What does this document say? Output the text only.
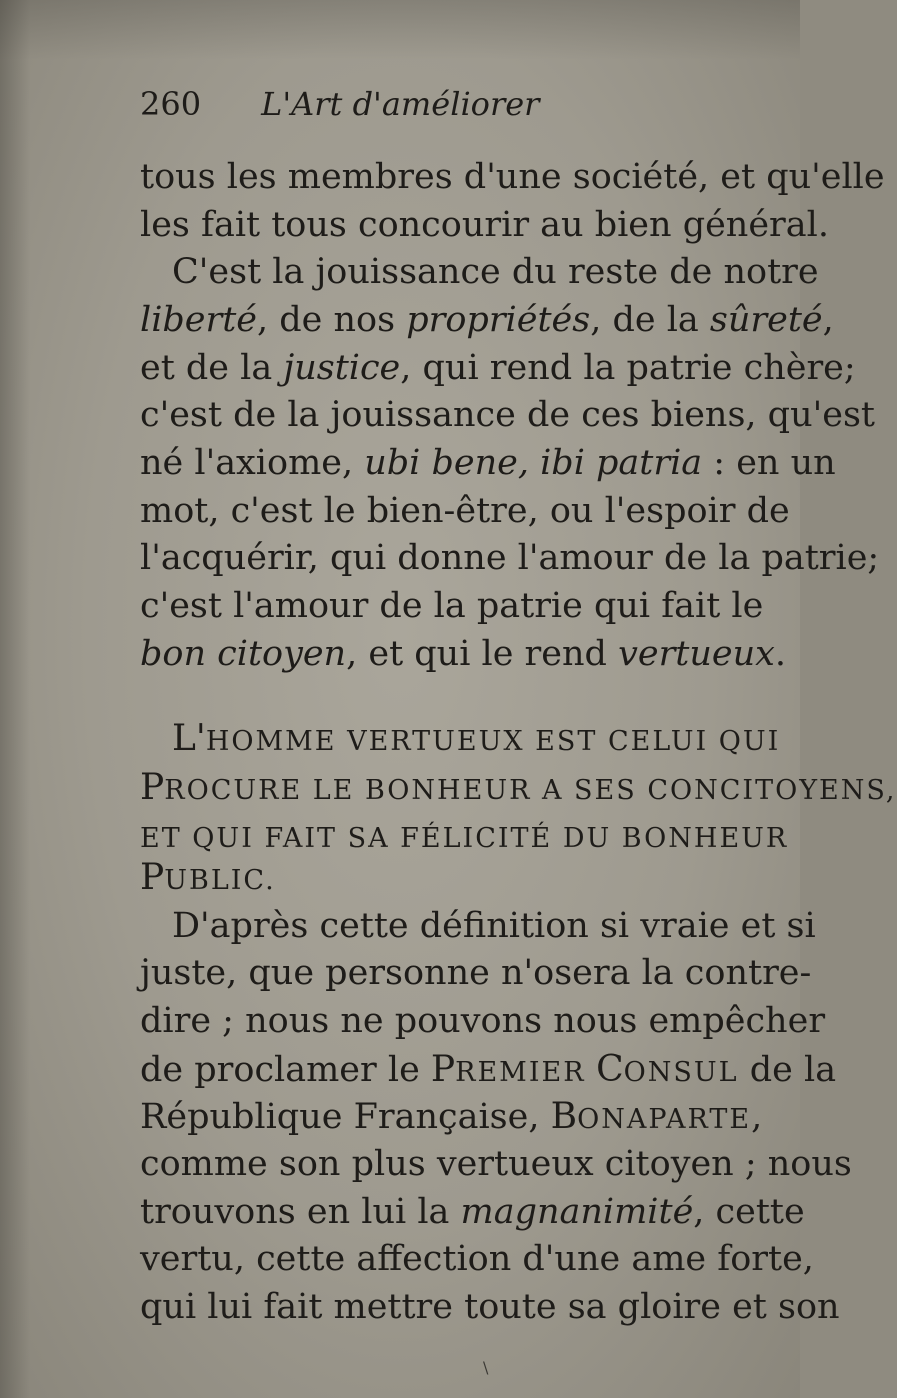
260 L'Art d'améliorer
tous les membres d'une société, et qu'elle
les fait tous concourir au bien général.
C'est la jouissance du reste de notre
liberté, de nos propriétés, de la sûreté,
et de la justice, qui rend la patrie chère;
c'est de la jouissance de ces biens, qu'est
né l'axiome, ubi bene, ibi patria : en un
mot, c'est le bien-être, ou l'espoir de
l'acquérir, qui donne l'amour de la patrie;
c'est l'amour de la patrie qui fait le
bon citoyen, et qui le rend vertueux.
L'HOMME VERTUEUX EST CELUI QUI
PROCURE LE BONHEUR A SES CONCITOYENS,
ET QUI FAIT SA FÉLICITÉ DU BONHEUR
PUBLIC.
D'après cette définition si vraie et si
juste, que personne n'osera la contre-
dire ; nous ne pouvons nous empêcher
de proclamer le PREMIER CONSUL de la
République Française, BONAPARTE,
comme son plus vertueux citoyen ; nous
trouvons en lui la magnanimité, cette
vertu, cette affection d'une ame forte,
qui lui fait mettre toute sa gloire et son
\
